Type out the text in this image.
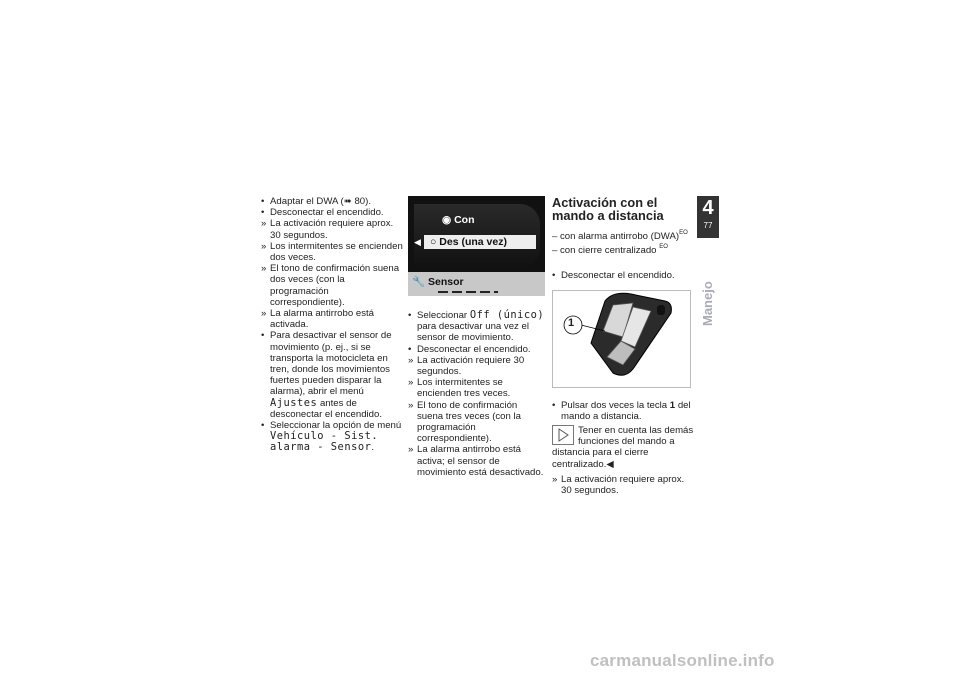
• Adaptar el DWA (➠ 80).

• Desconectar el encendido.

» La activación requiere aprox. 30 segundos.

» Los intermitentes se encienden dos veces.

» El tono de confirmación suena dos veces (con la programación correspondiente).

» La alarma antirrobo está activada.

• Para desactivar el sensor de movimiento (p. ej., si se transporta la motocicleta en tren, donde los movimientos fuertes pueden disparar la alarma), abrir el menú Ajustes antes de desconectar el encendido.

• Seleccionar la opción de menú Vehículo - Sist. alarma - Sensor.

◉ Con
◀ ○ Des (una vez)
🔧 Sensor

• Seleccionar Off (único) para desactivar una vez el sensor de movimiento.

• Desconectar el encendido.

» La activación requiere 30 segundos.

» Los intermitentes se encienden tres veces.

» El tono de confirmación suena tres veces (con la programación correspondiente).

» La alarma antirrobo está activa; el sensor de movimiento está desactivado.

Activación con el mando a distancia
– con alarma antirrobo (DWA)$^{EO}$
– con cierre centralizado $^{EO}$

• Desconectar el encendido.

1

• Pulsar dos veces la tecla 1 del mando a distancia.

Tener en cuenta las demás funciones del mando a distancia para el cierre centralizado.◀

» La activación requiere aprox. 30 segundos.

4
77
Manejo
carmanualsonline.info
